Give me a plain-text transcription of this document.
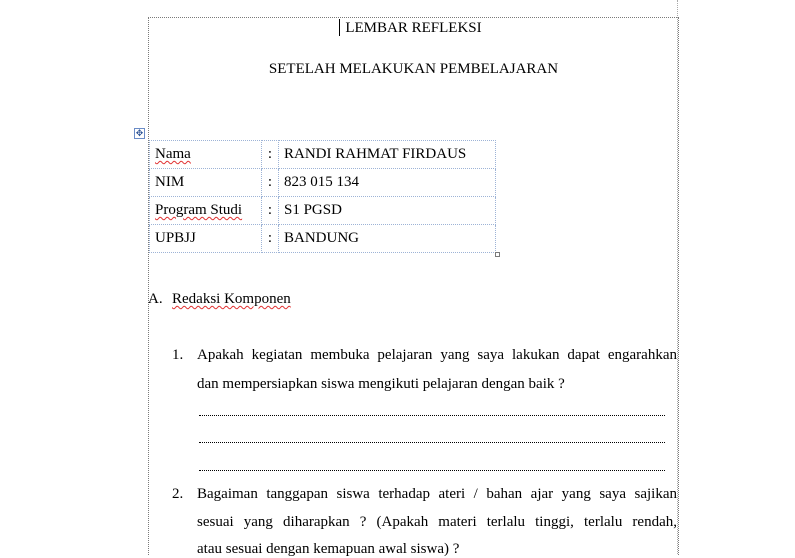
LEMBAR REFLEKSI
SETELAH MELAKUKAN PEMBELAJARAN
✥
Nama	:	RANDI RAHMAT FIRDAUS
NIM	:	823 015 134
Program Studi	:	S1 PGSD
UPBJJ	:	BANDUNG
A. Redaksi Komponen
1. Apakah kegiatan membuka pelajaran yang saya lakukan dapat engarahkan
dan mempersiapkan siswa mengikuti pelajaran dengan baik ?
2. Bagaiman tanggapan siswa terhadap ateri / bahan ajar yang saya sajikan
sesuai yang diharapkan ? (Apakah materi terlalu tinggi, terlalu rendah,
atau sesuai dengan kemapuan awal siswa) ?
